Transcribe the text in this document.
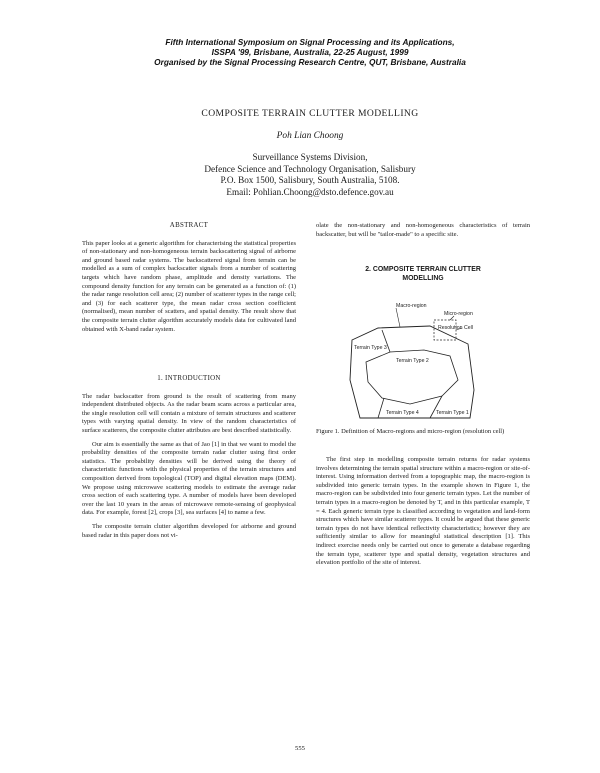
Fifth International Symposium on Signal Processing and its Applications,
ISSPA '99, Brisbane, Australia, 22-25 August, 1999
Organised by the Signal Processing Research Centre, QUT, Brisbane, Australia
COMPOSITE TERRAIN CLUTTER MODELLING
Poh Lian Choong
Surveillance Systems Division,
Defence Science and Technology Organisation, Salisbury
P.O. Box 1500, Salisbury, South Australia, 5108.
Email: Pohlian.Choong@dsto.defence.gov.au
ABSTRACT

This paper looks at a generic algorithm for characterising the statistical properties of non-stationary and non-homogeneous terrain backscattering signal of airborne and ground based radar systems. The backscattered signal from terrain can be modelled as a sum of complex backscatter signals from a number of scattering targets which have random phase, amplitude and density variations. The compound density function for any terrain can be generated as a function of: (1) the radar range resolution cell area; (2) number of scatterer types in the range cell; and (3) for each scatterer type, the mean radar cross section coefficient (normalised), mean number of scatters, and spatial density. The result show that the composite terrain clutter algorithm accurately models data for cultivated land obtained with X-band radar system.

1. INTRODUCTION

The radar backscatter from ground is the result of scattering from many independent distributed objects. As the radar beam scans across a particular area, the single resolution cell will contain a mixture of terrain structures and scatterer types with varying spatial density. In view of the random characteristics of surface scatterers, the composite clutter attributes are best described statistically.

Our aim is essentially the same as that of Jao [1] in that we want to model the probability densities of the composite terrain radar clutter using first order statistics. The probability densities will be derived using the theory of characteristic functions with the physical properties of the terrain structures and composition derived from topological (TOP) and digital elevation maps (DEM). We propose using microwave scattering models to estimate the average radar cross section of each scattering type. A number of models have been developed over the last 10 years in the areas of microwave remote-sensing of geophysical data. For example, forest [2], crops [3], sea surfaces [4] to name a few.

The composite terrain clutter algorithm developed for airborne and ground based radar in this paper does not vi-

olate the non-stationary and non-homogeneous characteristics of terrain backscatter, but will be "tailor-made" to a specific site.

2. COMPOSITE TERRAIN CLUTTER
MODELLING
Macro-region
Micro-region
Resolution Cell
Terrain Type 1
Terrain Type 2
Terrain Type 3
Terrain Type 4
Figure 1. Definition of Macro-regions and micro-region (resolution cell)

The first step in modelling composite terrain returns for radar systems involves determining the terrain spatial structure within a macro-region or site-of-interest. Using information derived from a topographic map, the macro-region is subdivided into generic terrain types. In the example shown in Figure 1, the macro-region can be subdivided into four generic terrain types. Let the number of terrain types in a macro-region be denoted by T, and in this particular example, T = 4. Each generic terrain type is classified according to vegetation and land-form structures which have similar scatterer types. It could be argued that these generic terrain types do not have identical reflectivity characteristics; however they are sufficiently similar to allow for meaningful statistical description [1]. This indirect exercise needs only be carried out once to generate a database regarding the terrain type, scatterer type and spatial density, vegetation structures and elevation portfolio of the site of interest.

555
